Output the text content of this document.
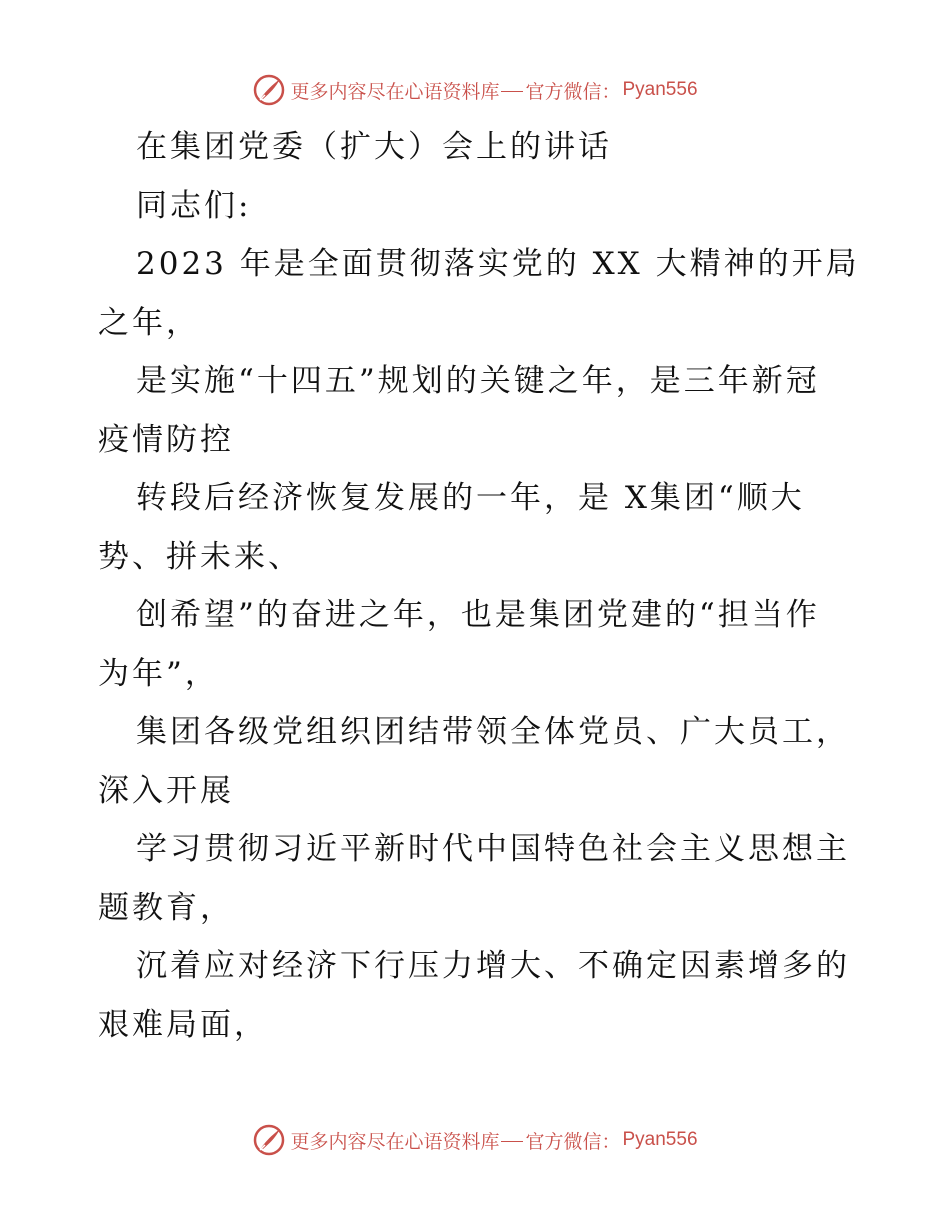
更多内容尽在心语资料库 官方微信： Pyan556
在集团党委（扩大）会上的讲话
同志们:
2023 年是全面贯彻落实党的 XX 大精神的开局
之年，
是实施“十四五”规划的关键之年，是三年新冠
疫情防控
转段后经济恢复发展的一年，是 X集团“顺大
势、拼未来、
创希望”的奋进之年，也是集团党建的“担当作
为年”，
集团各级党组织团结带领全体党员、广大员工，
深入开展
学习贯彻习近平新时代中国特色社会主义思想主
题教育，
沉着应对经济下行压力增大、不确定因素增多的
艰难局面，
更多内容尽在心语资料库 官方微信： Pyan556
